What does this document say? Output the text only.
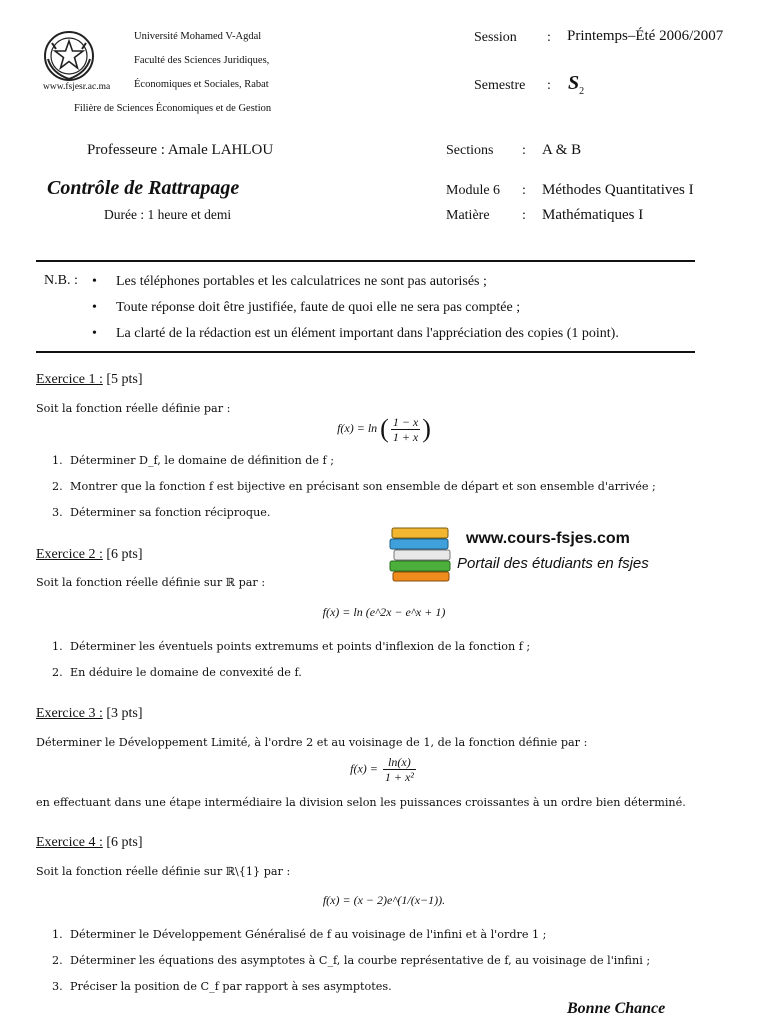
www.fsjesr.ac.ma
Université Mohamed V-Agdal
Faculté des Sciences Juridiques,
Économiques et Sociales, Rabat
Filière de Sciences Économiques et de Gestion
Session : Printemps–Été 2006/2007
Semestre : $S_2$
Professeure : Amale LAHLOU	Sections : A & B
Contrôle de Rattrapage
Durée : 1 heure et demi
Module 6 : Méthodes Quantitatives I
Matière : Mathématiques I
N.B. : • Les téléphones portables et les calculatrices ne sont pas autorisés ;
• Toute réponse doit être justifiée, faute de quoi elle ne sera pas comptée ;
• La clarté de la rédaction est un élément important dans l'appréciation des copies (1 point).
Exercice 1 : [5 pts]
Soit la fonction réelle définie par :
f(x) = ln ( $\frac{1 - x}{1 + x}$ )
1. Déterminer D_f, le domaine de définition de f ;
2. Montrer que la fonction f est bijective en précisant son ensemble de départ et son ensemble d'arrivée ;
3. Déterminer sa fonction réciproque.
www.cours-fsjes.com
Portail des étudiants en fsjes
Exercice 2 : [6 pts]
Soit la fonction réelle définie sur ℝ par :
f(x) = ln (e^2x − e^x + 1)
1. Déterminer les éventuels points extremums et points d'inflexion de la fonction f ;
2. En déduire le domaine de convexité de f.
Exercice 3 : [3 pts]
Déterminer le Développement Limité, à l'ordre 2 et au voisinage de 1, de la fonction définie par :
$f(x) = \frac{\ln(x)}{\text{1 + x²}}$
en effectuant dans une étape intermédiaire la division selon les puissances croissantes à un ordre bien déterminé.
Exercice 4 : [6 pts]
Soit la fonction réelle définie sur ℝ\{1} par :
f(x) = (x − 2)e^(1/(x−1)).
1. Déterminer le Développement Généralisé de f au voisinage de l'infini et à l'ordre 1 ;
2. Déterminer les équations des asymptotes à C_f, la courbe représentative de f, au voisinage de l'infini ;
3. Préciser la position de C_f par rapport à ses asymptotes.
Bonne Chance
